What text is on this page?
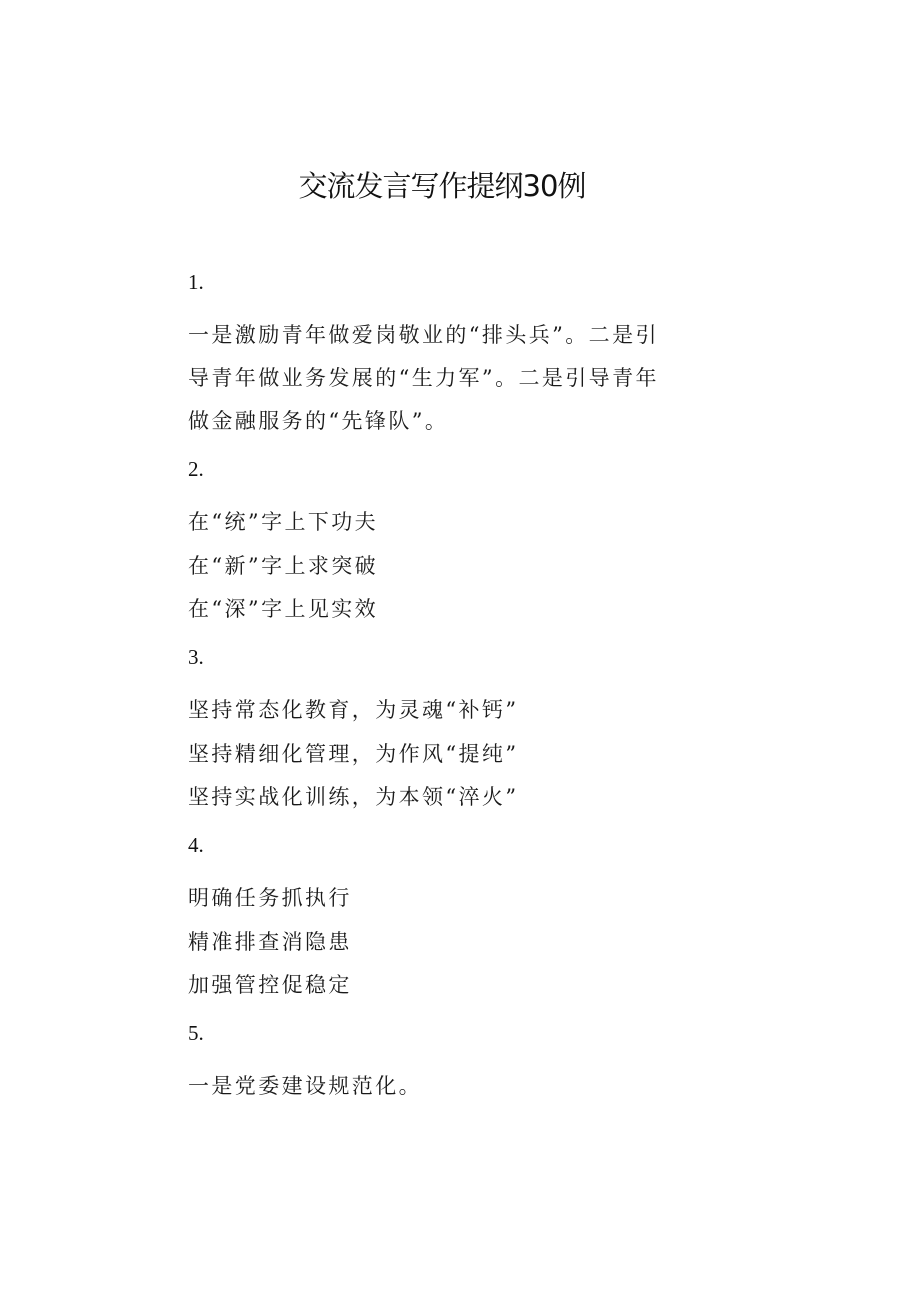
交流发言写作提纲30例
1.
一是激励青年做爱岗敬业的“排头兵”。二是引
导青年做业务发展的“生力军”。二是引导青年
做金融服务的“先锋队”。
2.
在“统”字上下功夫
在“新”字上求突破
在“深”字上见实效
3.
坚持常态化教育，为灵魂“补钙”
坚持精细化管理，为作风“提纯”
坚持实战化训练，为本领“淬火”
4.
明确任务抓执行
精准排查消隐患
加强管控促稳定
5.
一是党委建设规范化。
